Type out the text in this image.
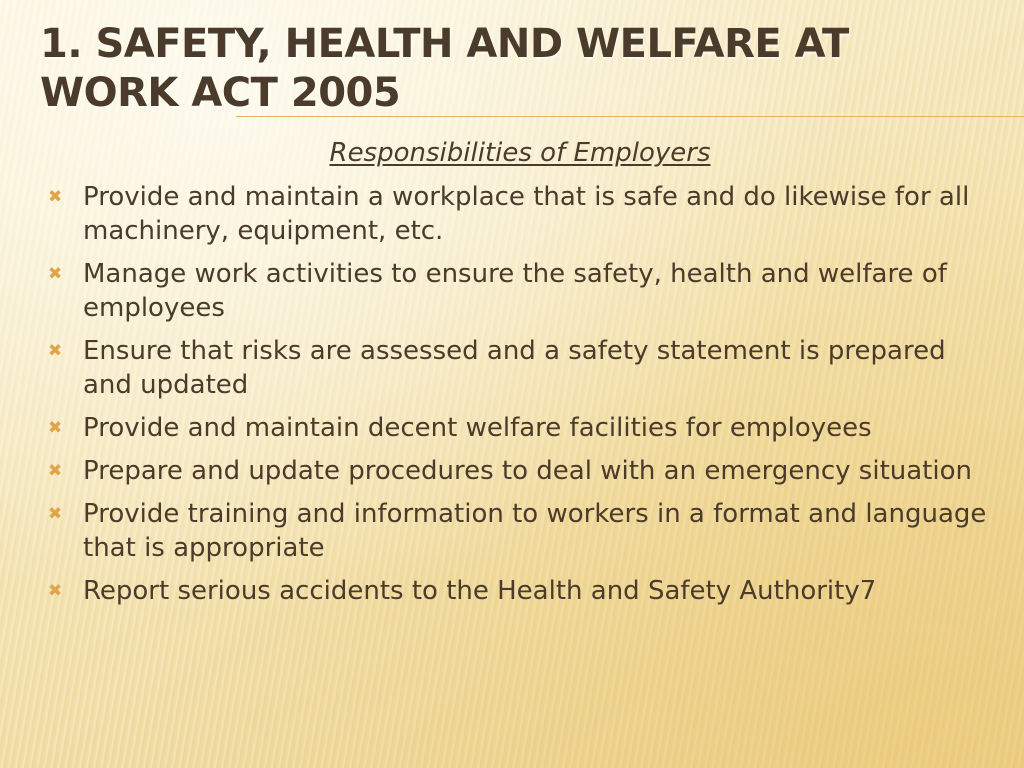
1. SAFETY, HEALTH AND WELFARE AT WORK ACT 2005
Responsibilities of Employers
✖ Provide and maintain a workplace that is safe and do likewise for all machinery, equipment, etc.
✖ Manage work activities to ensure the safety, health and welfare of employees
✖ Ensure that risks are assessed and a safety statement is prepared and updated
✖ Provide and maintain decent welfare facilities for employees
✖ Prepare and update procedures to deal with an emergency situation
✖ Provide training and information to workers in a format and language that is appropriate
✖ Report serious accidents to the Health and Safety Authority7
